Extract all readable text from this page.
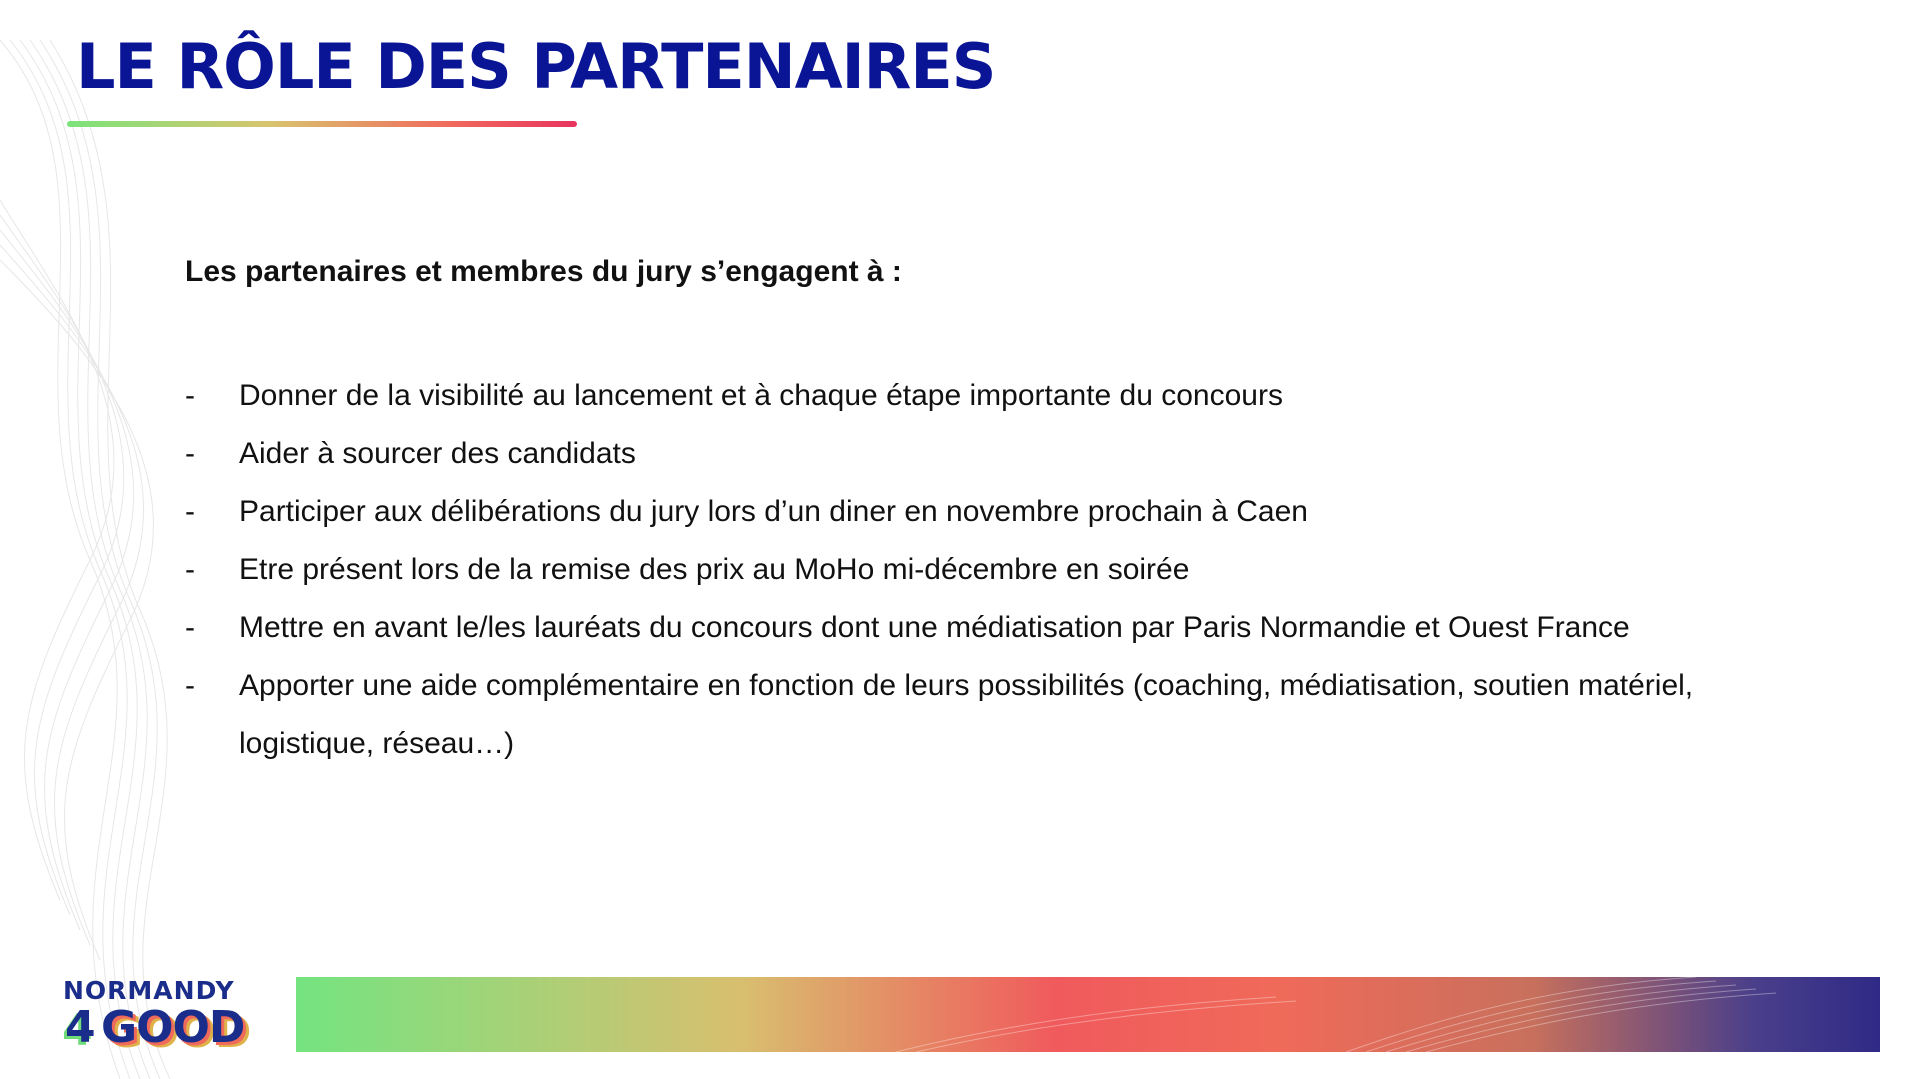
LE RÔLE DES PARTENAIRES
Les partenaires et membres du jury s’engagent à :
- Donner de la visibilité au lancement et à chaque étape importante du concours
- Aider à sourcer des candidats
- Participer aux délibérations du jury lors d’un diner en novembre prochain à Caen
- Etre présent lors de la remise des prix au MoHo mi-décembre en soirée
- Mettre en avant le/les lauréats du concours dont une médiatisation par Paris Normandie et Ouest France
- Apporter une aide complémentaire en fonction de leurs possibilités (coaching, médiatisation, soutien matériel, logistique, réseau…)
NORMANDY
4 GOOD
